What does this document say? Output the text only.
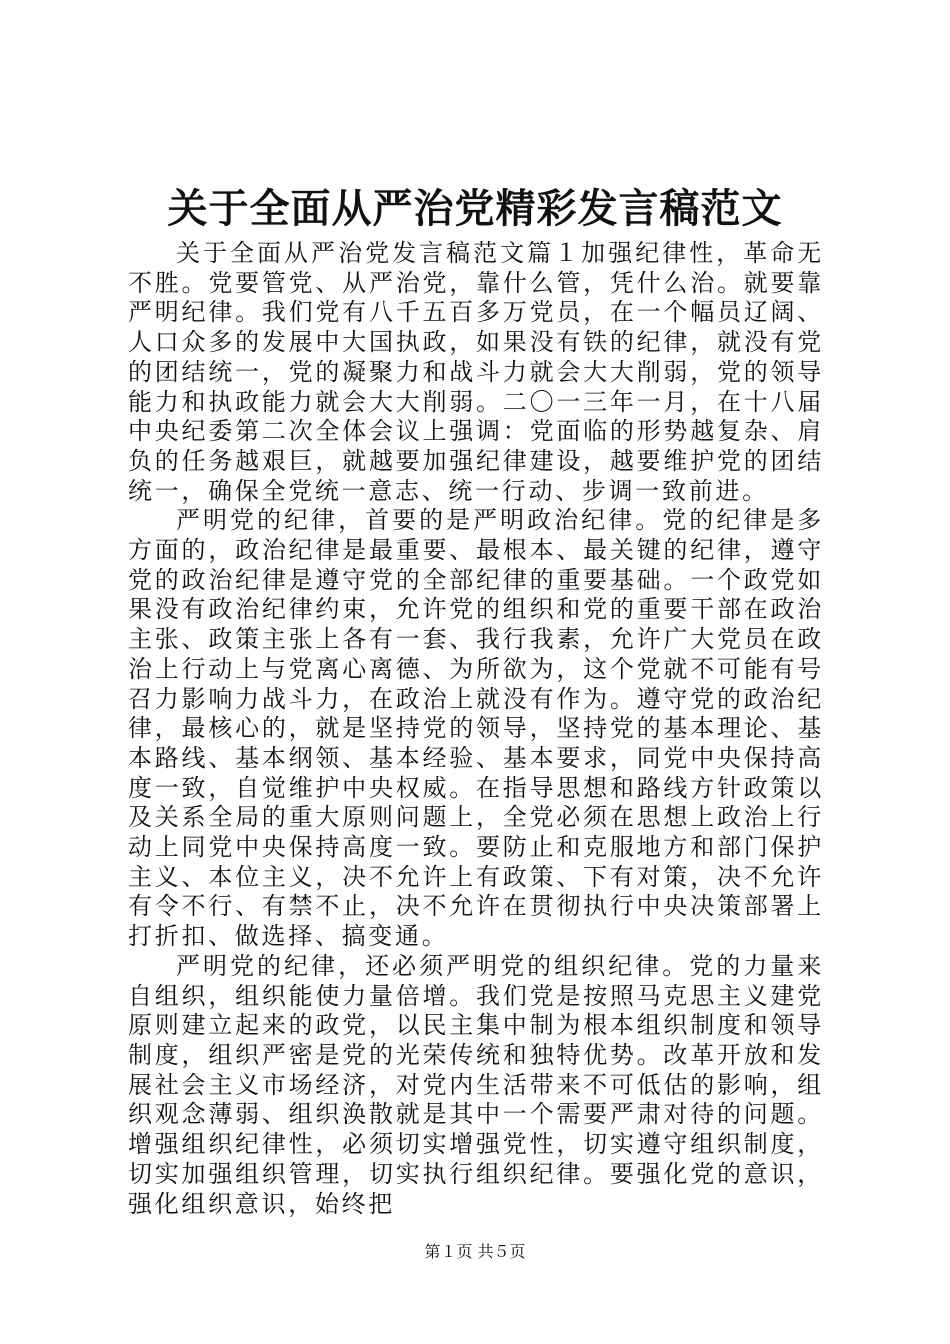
关于全面从严治党精彩发言稿范文

关于全面从严治党发言稿范文篇１加强纪律性，革命无不胜。党要管党、从严治党，靠什么管，凭什么治。就要靠严明纪律。我们党有八千五百多万党员，在一个幅员辽阔、人口众多的发展中大国执政，如果没有铁的纪律，就没有党的团结统一，党的凝聚力和战斗力就会大大削弱，党的领导能力和执政能力就会大大削弱。二〇一三年一月，在十八届中央纪委第二次全体会议上强调：党面临的形势越复杂、肩负的任务越艰巨，就越要加强纪律建设，越要维护党的团结统一，确保全党统一意志、统一行动、步调一致前进。

严明党的纪律，首要的是严明政治纪律。党的纪律是多方面的，政治纪律是最重要、最根本、最关键的纪律，遵守党的政治纪律是遵守党的全部纪律的重要基础。一个政党如果没有政治纪律约束，允许党的组织和党的重要干部在政治主张、政策主张上各有一套、我行我素，允许广大党员在政治上行动上与党离心离德、为所欲为，这个党就不可能有号召力影响力战斗力，在政治上就没有作为。遵守党的政治纪律，最核心的，就是坚持党的领导，坚持党的基本理论、基本路线、基本纲领、基本经验、基本要求，同党中央保持高度一致，自觉维护中央权威。在指导思想和路线方针政策以及关系全局的重大原则问题上，全党必须在思想上政治上行动上同党中央保持高度一致。要防止和克服地方和部门保护主义、本位主义，决不允许上有政策、下有对策，决不允许有令不行、有禁不止，决不允许在贯彻执行中央决策部署上打折扣、做选择、搞变通。

严明党的纪律，还必须严明党的组织纪律。党的力量来自组织，组织能使力量倍增。我们党是按照马克思主义建党原则建立起来的政党，以民主集中制为根本组织制度和领导制度，组织严密是党的光荣传统和独特优势。改革开放和发展社会主义市场经济，对党内生活带来不可低估的影响，组织观念薄弱、组织涣散就是其中一个需要严肃对待的问题。增强组织纪律性，必须切实增强党性，切实遵守组织制度，切实加强组织管理，切实执行组织纪律。要强化党的意识，强化组织意识，始终把

第１页 共５页
